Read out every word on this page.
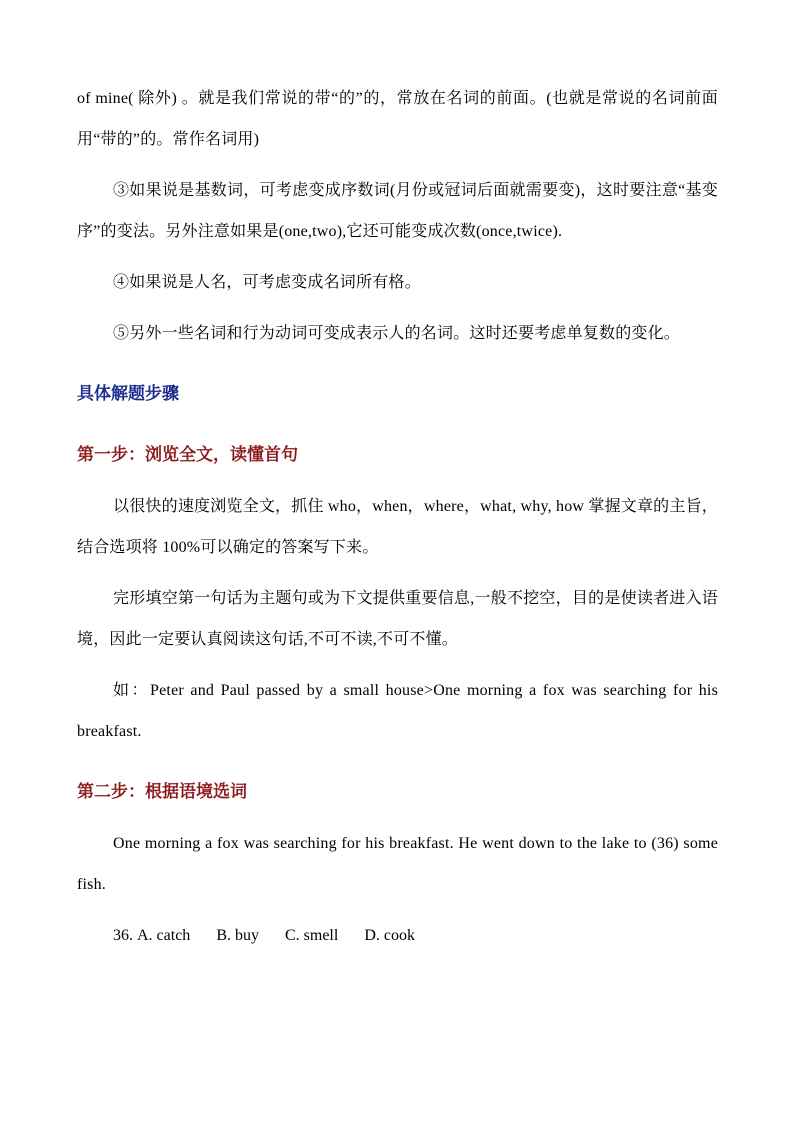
of mine( 除外) 。就是我们常说的带“的”的，常放在名词的前面。(也就是常说的名词前面用“带的”的。常作名词用)

③如果说是基数词，可考虑变成序数词(月份或冠词后面就需要变)，这时要注意“基变序”的变法。另外注意如果是(one,two),它还可能变成次数(once,twice).

④如果说是人名，可考虑变成名词所有格。

⑤另外一些名词和行为动词可变成表示人的名词。这时还要考虑单复数的变化。

具体解题步骤
第一步：浏览全文，读懂首句

以很快的速度浏览全文，抓住 who，when，where，what, why, how 掌握文章的主旨，结合选项将 100%可以确定的答案写下来。

完形填空第一句话为主题句或为下文提供重要信息,一般不挖空，目的是使读者进入语境，因此一定要认真阅读这句话,不可不读,不可不懂。

如：Peter and Paul passed by a small house>One morning a fox was searching for his breakfast.

第二步：根据语境选词

One morning a fox was searching for his breakfast. He went down to the lake to (36) some fish.

36. A. catch B. buy C. smell D. cook
